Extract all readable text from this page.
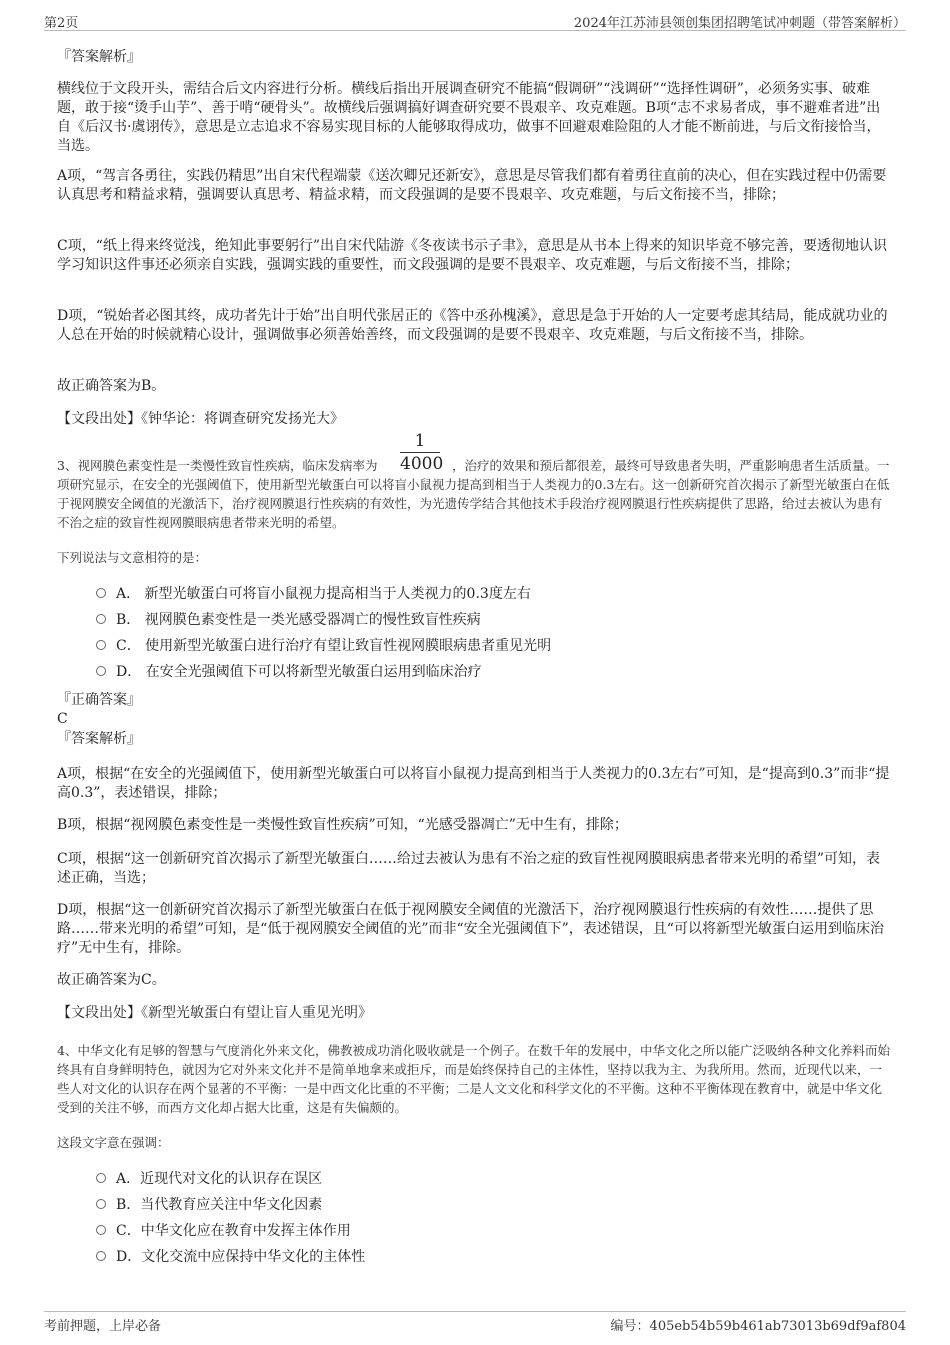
第2页	2024年江苏沛县领创集团招聘笔试冲刺题（带答案解析）
『答案解析』
横线位于文段开头，需结合后文内容进行分析。横线后指出开展调查研究不能搞“假调研”“浅调研”“选择性调研”，必须务实事、破难题，敢于接“烫手山芋”、善于啃“硬骨头”。故横线后强调搞好调查研究要不畏艰辛、攻克难题。B项“志不求易者成，事不避难者进”出自《后汉书·虞诩传》，意思是立志追求不容易实现目标的人能够取得成功，做事不回避艰难险阻的人才能不断前进，与后文衔接恰当，当选。
A项，“驾言各勇往，实践仍精思”出自宋代程端蒙《送次卿兄还新安》，意思是尽管我们都有着勇往直前的决心，但在实践过程中仍需要认真思考和精益求精，强调要认真思考、精益求精，而文段强调的是要不畏艰辛、攻克难题，与后文衔接不当，排除；
C项，“纸上得来终觉浅，绝知此事要躬行”出自宋代陆游《冬夜读书示子聿》，意思是从书本上得来的知识毕竟不够完善，要透彻地认识学习知识这件事还必须亲自实践，强调实践的重要性，而文段强调的是要不畏艰辛、攻克难题，与后文衔接不当，排除；
D项，“锐始者必图其终，成功者先计于始”出自明代张居正的《答中丞孙槐溪》，意思是急于开始的人一定要考虑其结局，能成就功业的人总在开始的时候就精心设计，强调做事必须善始善终，而文段强调的是要不畏艰辛、攻克难题，与后文衔接不当，排除。
故正确答案为B。
【文段出处】《钟华论：将调查研究发扬光大》
3、视网膜色素变性是一类慢性致盲性疾病，临床发病率为
1
4000 ，治疗的效果和预后都很差，最终可导致患者失明，严重影响患者生活质量。一项研究显示，在安全的光强阈值下，使用新型光敏蛋白可以将盲小鼠视力提高到相当于人类视力的0.3左右。这一创新研究首次揭示了新型光敏蛋白在低于视网膜安全阈值的光激活下，治疗视网膜退行性疾病的有效性，为光遗传学结合其他技术手段治疗视网膜退行性疾病提供了思路，给过去被认为患有不治之症的致盲性视网膜眼病患者带来光明的希望。
下列说法与文意相符的是：
A． 新型光敏蛋白可将盲小鼠视力提高相当于人类视力的0.3度左右
B． 视网膜色素变性是一类光感受器凋亡的慢性致盲性疾病
C． 使用新型光敏蛋白进行治疗有望让致盲性视网膜眼病患者重见光明
D． 在安全光强阈值下可以将新型光敏蛋白运用到临床治疗
『正确答案』
C
『答案解析』
A项，根据“在安全的光强阈值下，使用新型光敏蛋白可以将盲小鼠视力提高到相当于人类视力的0.3左右”可知，是“提高到0.3”而非“提高0.3”，表述错误，排除；
B项，根据“视网膜色素变性是一类慢性致盲性疾病”可知，“光感受器凋亡”无中生有，排除；
C项，根据“这一创新研究首次揭示了新型光敏蛋白……给过去被认为患有不治之症的致盲性视网膜眼病患者带来光明的希望”可知，表述正确，当选；
D项，根据“这一创新研究首次揭示了新型光敏蛋白在低于视网膜安全阈值的光激活下，治疗视网膜退行性疾病的有效性……提供了思路……带来光明的希望”可知，是“低于视网膜安全阈值的光”而非“安全光强阈值下”，表述错误，且“可以将新型光敏蛋白运用到临床治疗”无中生有，排除。
故正确答案为C。
【文段出处】《新型光敏蛋白有望让盲人重见光明》
4、中华文化有足够的智慧与气度消化外来文化，佛教被成功消化吸收就是一个例子。在数千年的发展中，中华文化之所以能广泛吸纳各种文化养料而始终具有自身鲜明特色，就因为它对外来文化并不是简单地拿来或拒斥，而是始终保持自己的主体性，坚持以我为主、为我所用。然而，近现代以来，一些人对文化的认识存在两个显著的不平衡：一是中西文化比重的不平衡；二是人文文化和科学文化的不平衡。这种不平衡体现在教育中，就是中华文化受到的关注不够，而西方文化却占据大比重，这是有失偏颇的。
这段文字意在强调：
A．近现代对文化的认识存在误区
B．当代教育应关注中华文化因素
C．中华文化应在教育中发挥主体作用
D．文化交流中应保持中华文化的主体性
考前押题，上岸必备	编号：405eb54b59b461ab73013b69df9af804
